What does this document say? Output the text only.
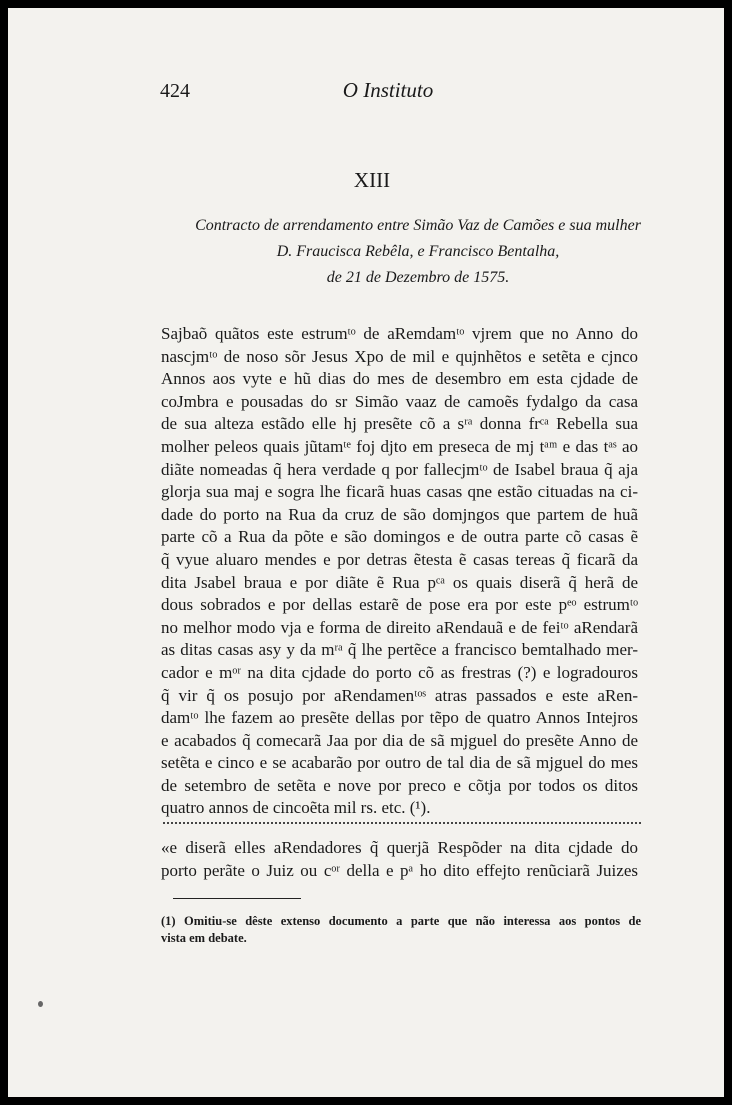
424	O Instituto
XIII
Contracto de arrendamento entre Simão Vaz de Camões e sua mulher
D. Fraucisca Rebêla, e Francisco Bentalha,
de 21 de Dezembro de 1575.
Sajbaõ quãtos este estrumᵗᵒ de aRemdamᵗᵒ vjrem que no Anno do
nascjmᵗᵒ de noso sõr Jesus Xpo de mil e qujnhẽtos e setẽta e cjnco
Annos aos vyte e hũ dias do mes de desembro em esta cjdade de
coJmbra e pousadas do sr Simão vaaz de camoẽs fydalgo da casa
de sua alteza estãdo elle hj presẽte cõ a sʳᵃ donna frᶜᵃ Rebella sua
molher peleos quais jũtamᵗᵉ foj djto em preseca de mj tᵃᵐ e das tᵃˢ ao
diãte nomeadas q̃ hera verdade q por fallecjmᵗᵒ de Isabel braua q̃ aja
glorja sua maj e sogra lhe ficarã huas casas qne estão cituadas na ci-
dade do porto na Rua da cruz de são domjngos que partem de huã
parte cõ a Rua da põte e são domingos e de outra parte cõ casas ẽ
q̃ vyue aluaro mendes e por detras ẽtesta ẽ casas tereas q̃ ficarã da
dita Jsabel braua e por diãte ẽ Rua pᶜᵃ os quais diserã q̃ herã de
dous sobrados e por dellas estarẽ de pose era por este pᵉᵒ estrumᵗᵒ
no melhor modo vja e forma de direito aRendauã e de feiᵗᵒ aRendarã
as ditas casas asy y da mʳᵃ q̃ lhe pertẽce a francisco bemtalhado mer-
cador e mᵒʳ na dita cjdade do porto cõ as frestras (?) e logradouros
q̃ vir q̃ os posujo por aRendamenᵗᵒˢ atras passados e este aRen-
damᵗᵒ lhe fazem ao presẽte dellas por tẽpo de quatro Annos Intejros
e acabados q̃ comecarã Jaa por dia de sã mjguel do presẽte Anno de
setẽta e cinco e se acabarão por outro de tal dia de sã mjguel do mes
de setembro de setẽta e nove por preco e cõtja por todos os ditos
quatro annos de cincoẽta mil rs. etc. (¹).
«e diserã elles aRendadores q̃ querjã Respõder na dita cjdade do
porto perãte o Juiz ou cᵒʳ della e pᵃ ho dito effejto renũciarã Juizes
(1) Omitiu-se dêste extenso documento a parte que não interessa aos pontos de
vista em debate.
